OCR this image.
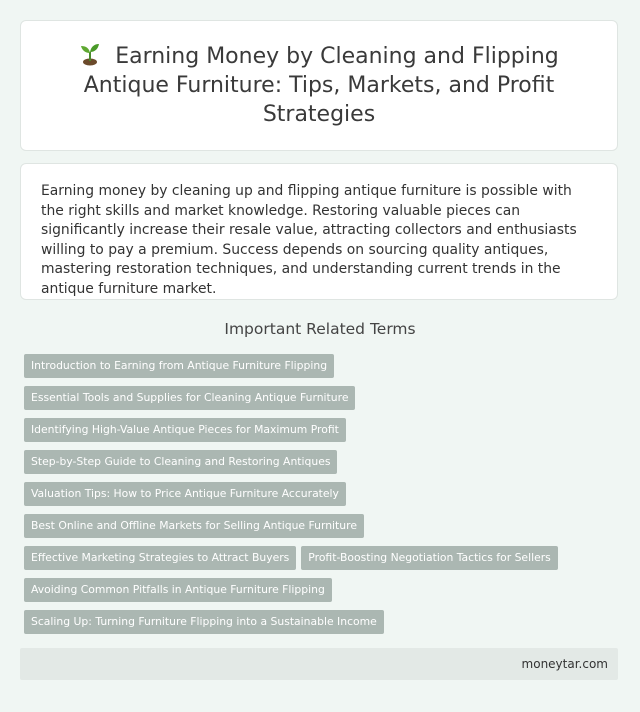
Earning Money by Cleaning and Flipping Antique Furniture: Tips, Markets, and Profit Strategies

Earning money by cleaning up and flipping antique furniture is possible with the right skills and market knowledge. Restoring valuable pieces can significantly increase their resale value, attracting collectors and enthusiasts willing to pay a premium. Success depends on sourcing quality antiques, mastering restoration techniques, and understanding current trends in the antique furniture market.

Important Related Terms
Introduction to Earning from Antique Furniture Flipping
Essential Tools and Supplies for Cleaning Antique Furniture
Identifying High-Value Antique Pieces for Maximum Profit
Step-by-Step Guide to Cleaning and Restoring Antiques
Valuation Tips: How to Price Antique Furniture Accurately
Best Online and Offline Markets for Selling Antique Furniture
Effective Marketing Strategies to Attract Buyers Profit-Boosting Negotiation Tactics for Sellers
Avoiding Common Pitfalls in Antique Furniture Flipping
Scaling Up: Turning Furniture Flipping into a Sustainable Income
moneytar.com
